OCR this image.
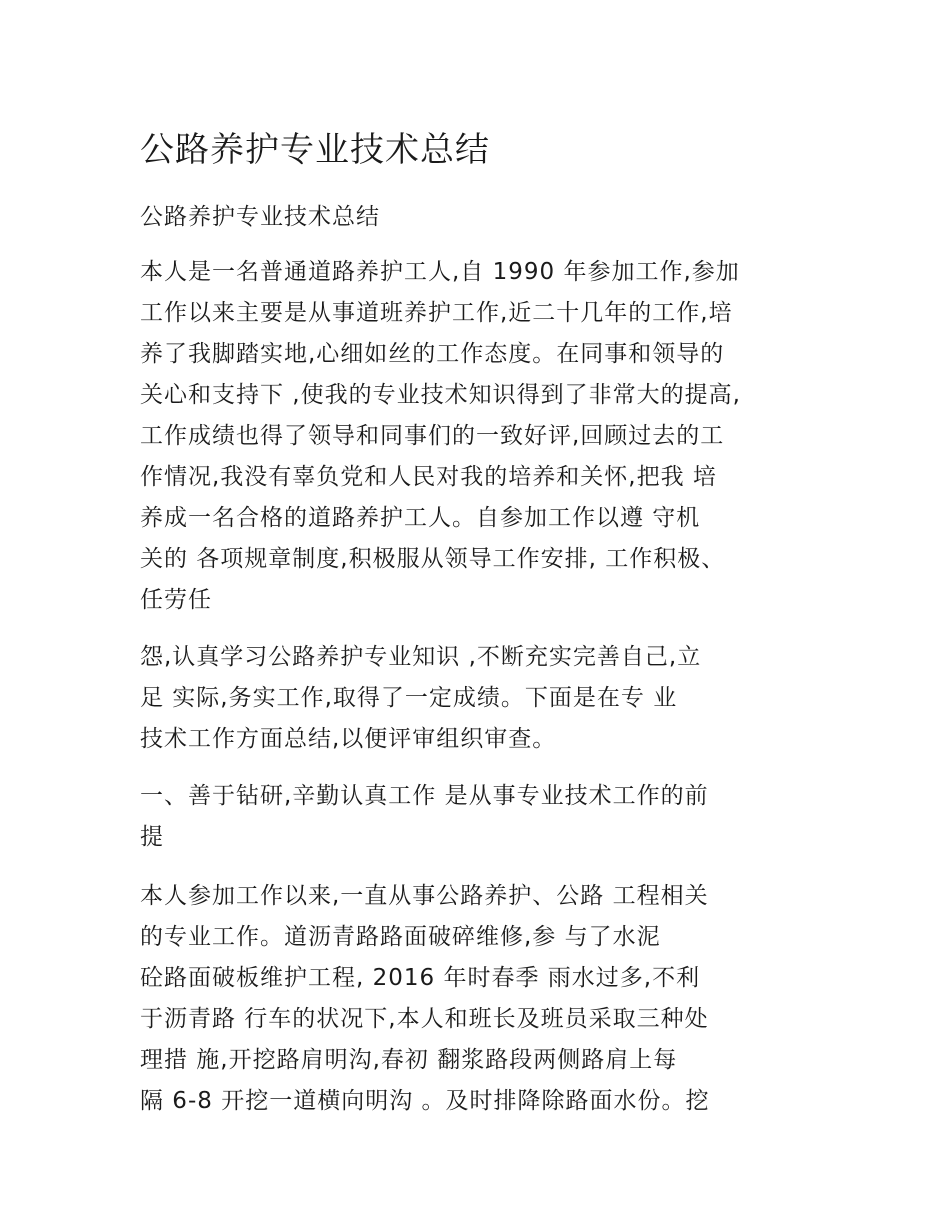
公路养护专业技术总结
公路养护专业技术总结
本人是一名普通道路养护工人,自 1990 年参加工作,参加
工作以来主要是从事道班养护工作,近二十几年的工作,培
养了我脚踏实地,心细如丝的工作态度。在同事和领导的
关心和支持下 ,使我的专业技术知识得到了非常大的提高,
工作成绩也得了领导和同事们的一致好评,回顾过去的工
作情况,我没有辜负党和人民对我的培养和关怀,把我 培
养成一名合格的道路养护工人。自参加工作以遵 守机
关的 各项规章制度,积极服从领导工作安排, 工作积极、
任劳任
怨,认真学习公路养护专业知识 ,不断充实完善自己,立
足 实际,务实工作,取得了一定成绩。下面是在专 业
技术工作方面总结,以便评审组织审查。
一、善于钻研,辛勤认真工作 是从事专业技术工作的前
提
本人参加工作以来,一直从事公路养护、公路 工程相关
的专业工作。道沥青路路面破碎维修,参 与了水泥
砼路面破板维护工程, 2016 年时春季 雨水过多,不利
于沥青路 行车的状况下,本人和班长及班员采取三种处
理措 施,开挖路肩明沟,春初 翻浆路段两侧路肩上每
隔 6-8 开挖一道横向明沟 。及时排降除路面水份。挖
